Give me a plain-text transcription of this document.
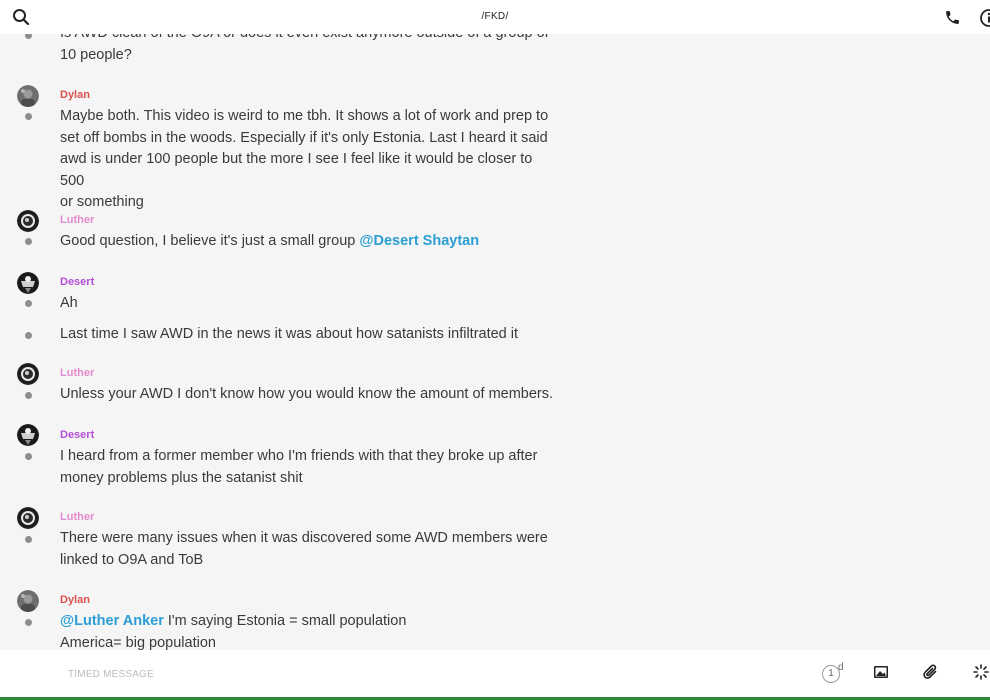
10 people?
Dylan
Maybe both. This video is weird to me tbh. It shows a lot of work and prep to
set off bombs in the woods. Especially if it's only Estonia. Last I heard it said
awd is under 100 people but the more I see I feel like it would be closer to 500
or something
Luther
Good question, I believe it's just a small group @Desert Shaytan
Desert
Ah
Last time I saw AWD in the news it was about how satanists infiltrated it
Luther
Unless your AWD I don't know how you would know the amount of members.
Desert
I heard from a former member who I'm friends with that they broke up after
money problems plus the satanist shit
Luther
There were many issues when it was discovered some AWD members were
linked to O9A and ToB
Dylan
@Luther Anker I'm saying Estonia = small population
America= big population
/FKD/
TIMED MESSAGE	1
d
